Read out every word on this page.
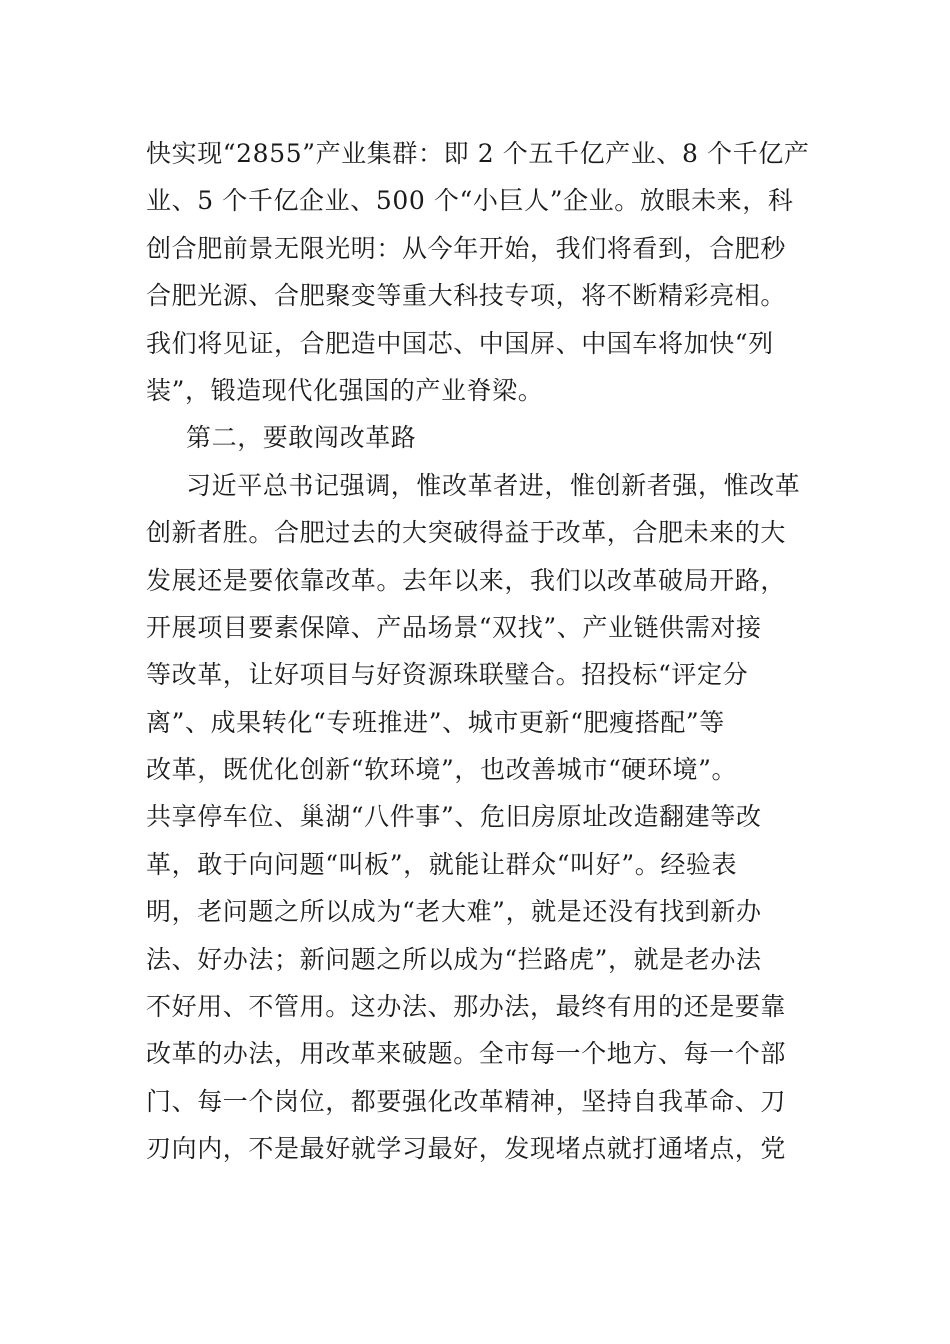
快实现“2855”产业集群：即 2 个五千亿产业、8 个千亿产
业、5 个千亿企业、500 个“小巨人”企业。放眼未来，科
创合肥前景无限光明：从今年开始，我们将看到，合肥秒
合肥光源、合肥聚变等重大科技专项，将不断精彩亮相。
我们将见证，合肥造中国芯、中国屏、中国车将加快“列
装”，锻造现代化强国的产业脊梁。
第二，要敢闯改革路
习近平总书记强调，惟改革者进，惟创新者强，惟改革
创新者胜。合肥过去的大突破得益于改革，合肥未来的大
发展还是要依靠改革。去年以来，我们以改革破局开路，
开展项目要素保障、产品场景“双找”、产业链供需对接
等改革，让好项目与好资源珠联璧合。招投标“评定分
离”、成果转化“专班推进”、城市更新“肥瘦搭配”等
改革，既优化创新“软环境”，也改善城市“硬环境”。
共享停车位、巢湖“八件事”、危旧房原址改造翻建等改
革，敢于向问题“叫板”，就能让群众“叫好”。经验表
明，老问题之所以成为“老大难”，就是还没有找到新办
法、好办法；新问题之所以成为“拦路虎”，就是老办法
不好用、不管用。这办法、那办法，最终有用的还是要靠
改革的办法，用改革来破题。全市每一个地方、每一个部
门、每一个岗位，都要强化改革精神，坚持自我革命、刀
刃向内，不是最好就学习最好，发现堵点就打通堵点，党
